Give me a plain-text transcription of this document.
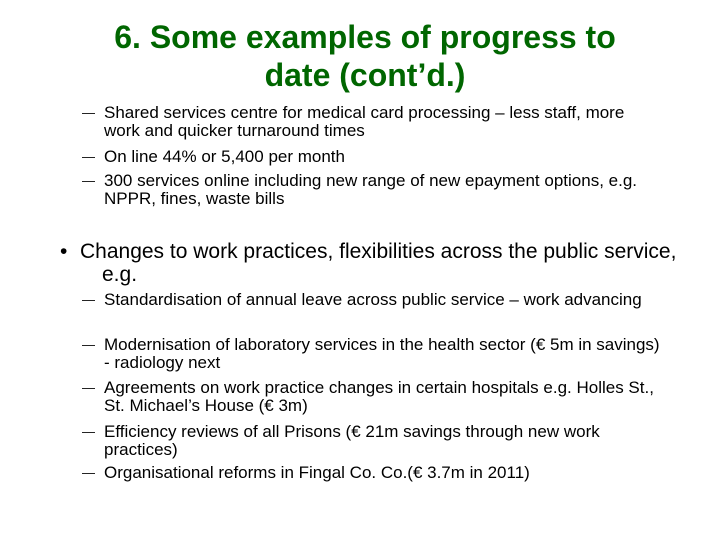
6. Some examples of progress to
date (cont’d.)
— Shared services centre for medical card processing – less staff, more work and quicker turnaround times
— On line 44% or 5,400 per month
— 300 services online including new range of new epayment options, e.g. NPPR, fines, waste bills
• Changes to work practices, flexibilities across the public service, e.g.
— Standardisation of annual leave across public service – work advancing
— Modernisation of laboratory services in the health sector (€ 5m in savings) - radiology next
— Agreements on work practice changes in certain hospitals e.g. Holles St., St. Michael’s House (€ 3m)
— Efficiency reviews of all Prisons (€ 21m savings through new work practices)
— Organisational reforms in Fingal Co. Co.(€ 3.7m in 2011)
